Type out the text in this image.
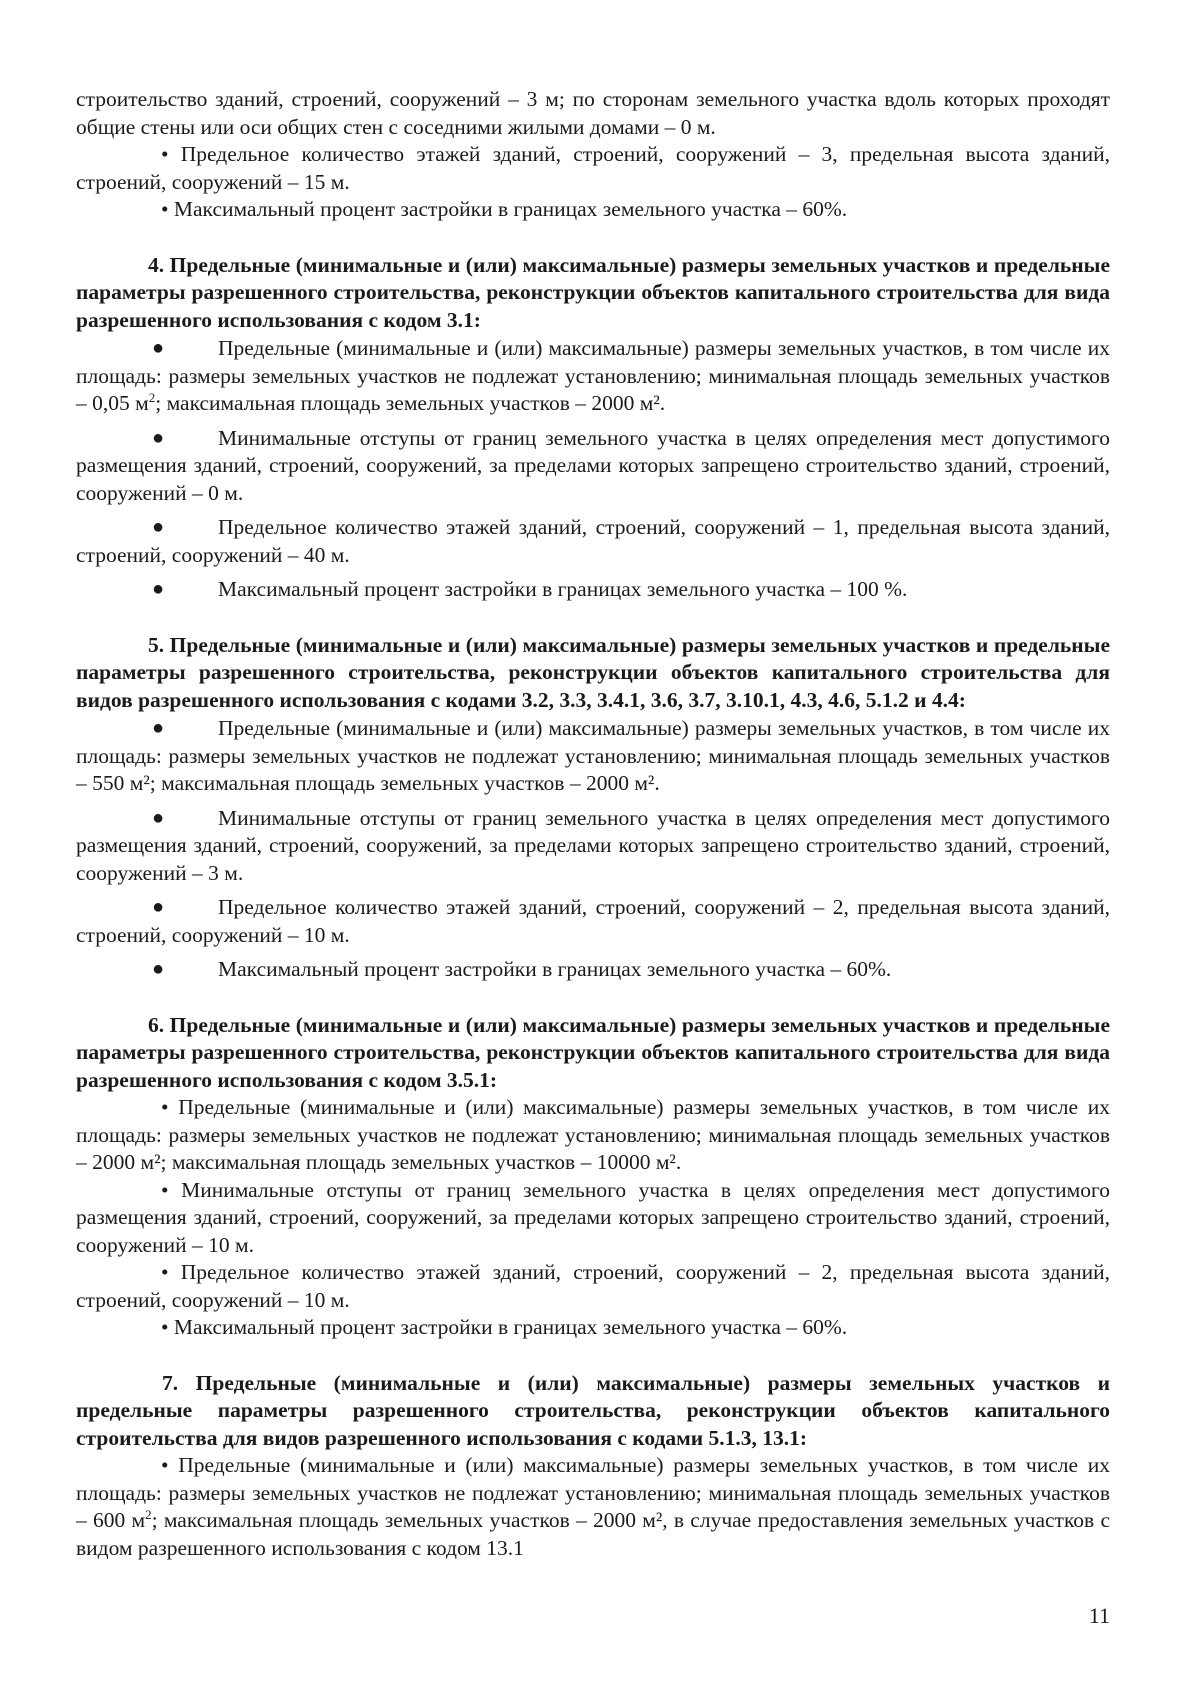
строительство зданий, строений, сооружений – 3 м; по сторонам земельного участка вдоль которых проходят общие стены или оси общих стен с соседними жилыми домами – 0 м.

• Предельное количество этажей зданий, строений, сооружений – 3, предельная высота зданий, строений, сооружений – 15 м.

• Максимальный процент застройки в границах земельного участка – 60%.

4. Предельные (минимальные и (или) максимальные) размеры земельных участков и предельные параметры разрешенного строительства, реконструкции объектов капитального строительства для вида разрешенного использования с кодом 3.1:

●	Предельные (минимальные и (или) максимальные) размеры земельных участков, в том числе их площадь: размеры земельных участков не подлежат установлению; минимальная площадь земельных участков – 0,05 $м^2$; максимальная площадь земельных участков – 2000 м².

●	Минимальные отступы от границ земельного участка в целях определения мест допустимого размещения зданий, строений, сооружений, за пределами которых запрещено строительство зданий, строений, сооружений – 0 м.

●	Предельное количество этажей зданий, строений, сооружений – 1, предельная высота зданий, строений, сооружений – 40 м.

●	Максимальный процент застройки в границах земельного участка – 100 %.

5. Предельные (минимальные и (или) максимальные) размеры земельных участков и предельные параметры разрешенного строительства, реконструкции объектов капитального строительства для видов разрешенного использования с кодами 3.2, 3.3, 3.4.1, 3.6, 3.7, 3.10.1, 4.3, 4.6, 5.1.2 и 4.4:

●	Предельные (минимальные и (или) максимальные) размеры земельных участков, в том числе их площадь: размеры земельных участков не подлежат установлению; минимальная площадь земельных участков – 550 м²; максимальная площадь земельных участков – 2000 м².

●	Минимальные отступы от границ земельного участка в целях определения мест допустимого размещения зданий, строений, сооружений, за пределами которых запрещено строительство зданий, строений, сооружений – 3 м.

●	Предельное количество этажей зданий, строений, сооружений – 2, предельная высота зданий, строений, сооружений – 10 м.

●	Максимальный процент застройки в границах земельного участка – 60%.

6. Предельные (минимальные и (или) максимальные) размеры земельных участков и предельные параметры разрешенного строительства, реконструкции объектов капитального строительства для вида разрешенного использования с кодом 3.5.1:

• Предельные (минимальные и (или) максимальные) размеры земельных участков, в том числе их площадь: размеры земельных участков не подлежат установлению; минимальная площадь земельных участков – 2000 м²; максимальная площадь земельных участков – 10000 м².

• Минимальные отступы от границ земельного участка в целях определения мест допустимого размещения зданий, строений, сооружений, за пределами которых запрещено строительство зданий, строений, сооружений – 10 м.

• Предельное количество этажей зданий, строений, сооружений – 2, предельная высота зданий, строений, сооружений – 10 м.

• Максимальный процент застройки в границах земельного участка – 60%.

7. Предельные (минимальные и (или) максимальные) размеры земельных участков и предельные параметры разрешенного строительства, реконструкции объектов капитального строительства для видов разрешенного использования с кодами 5.1.3, 13.1:

• Предельные (минимальные и (или) максимальные) размеры земельных участков, в том числе их площадь: размеры земельных участков не подлежат установлению; минимальная площадь земельных участков – 600 $м^2$; максимальная площадь земельных участков – 2000 м², в случае предоставления земельных участков с видом разрешенного использования с кодом 13.1

11
